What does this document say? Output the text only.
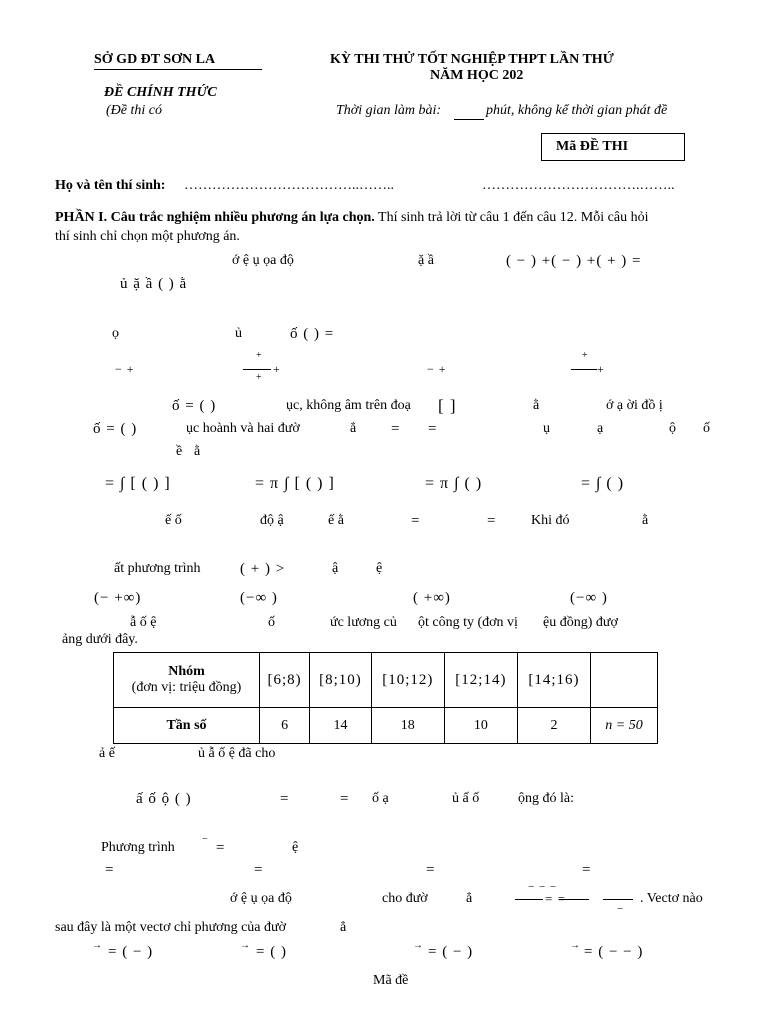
SỞ GD ĐT SƠN LA
ĐỀ CHÍNH THỨC
(Đề thi có
KỲ THI THỬ TỐT NGHIỆP THPT LẦN THỨ
NĂM HỌC 202
Thời gian làm bài:	phút, không kể thời gian phát đề
Mã ĐỀ THI
Họ và tên thí sinh: ………………………………..……..	…………………………….……..
PHẦN I. Câu trắc nghiệm nhiều phương án lựa chọn. Thí sinh trả lời từ câu 1 đến câu 12. Mỗi câu hỏi
thí sinh chỉ chọn một phương án.
ớ ệ ụ ọa độ	ặ ầ	( − ) +( − ) +( + ) =
ủ ặ ầ ( ) ằ
ọ	ủ	ố ( ) =
− +
+
+
+	− +
+
+
ố = ( )	ục, không âm trên đoạ [ ]	ằ	ớ ạ ời đồ ị
ố = ( )	ục hoành và hai đườ	ẳ = =	ụ	ạ	ộ ố
ề ằ
= ∫ [ ( ) ]	= π ∫ [ ( ) ]	= π ∫ ( )	= ∫ ( )
ế ố	độ ậ	ế ằ	=	= Khi đó	ằ
ất phương trình	( + ) >	ậ	ệ
(− +∞)	(−∞ )	( +∞)	(−∞ )
ẫ ố ệ	ố	ức lương củ ột công ty (đơn vị ệu đồng) đượ
ảng dưới đây.
Nhóm
(đơn vị: triệu đồng)	[6;8)	[8;10)	[10;12)	[12;14)	[14;16)	
Tần số	6	14	18	10	2	n = 50
ả ế	ủ ẫ ố ệ đã cho
ấ ố ộ ( )	=	= ố ạ	ủ ấ ố	ộng đó là:
Phương trình
−
=	ệ
=	=	=	=
ớ ệ ụ ọa độ	cho đườ	ẳ
− − −
= =
−
. Vectơ nào
sau đây là một vectơ chỉ phương của đườ	ẳ
→ = ( − )	→ = ( )	→ = ( − )	→ = ( − − )
Mã đề
